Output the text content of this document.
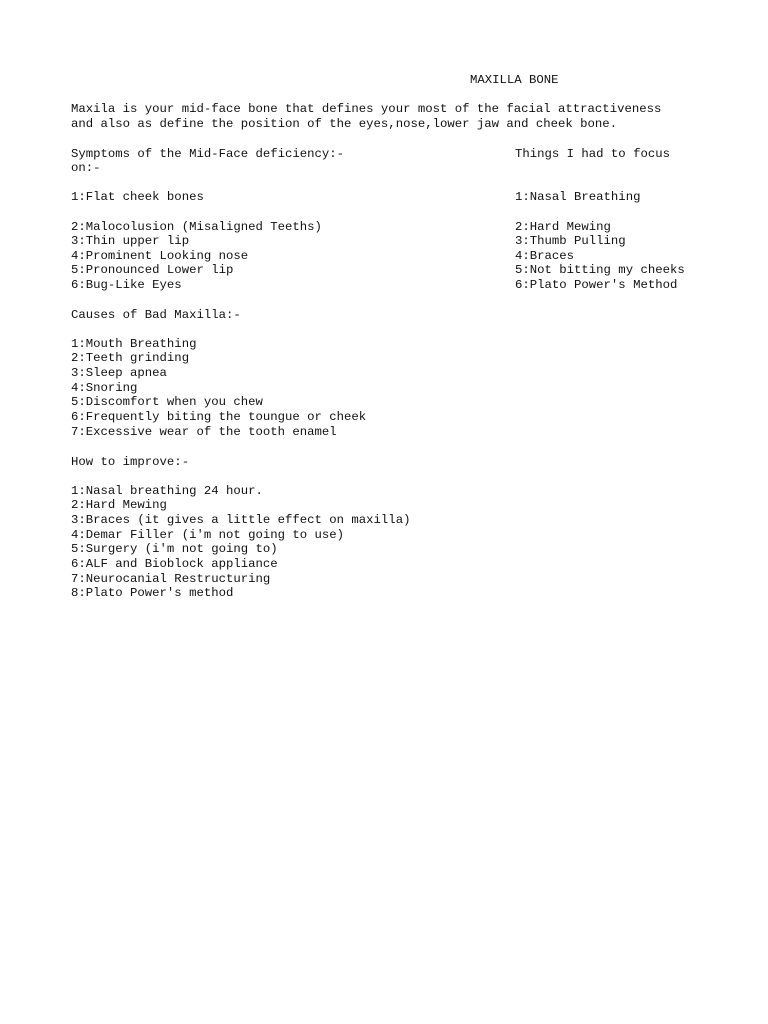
MAXILLA BONE
Maxila is your mid-face bone that defines your most of the facial attractiveness
and also as define the position of the eyes,nose,lower jaw and cheek bone.
Symptoms of the Mid-Face deficiency:-	Things I had to focus
on:-
1:Flat cheek bones	1:Nasal Breathing
2:Malocolusion (Misaligned Teeths)	2:Hard Mewing
3:Thin upper lip	3:Thumb Pulling
4:Prominent Looking nose	4:Braces
5:Pronounced Lower lip	5:Not bitting my cheeks
6:Bug-Like Eyes	6:Plato Power's Method
Causes of Bad Maxilla:-
1:Mouth Breathing
2:Teeth grinding
3:Sleep apnea
4:Snoring
5:Discomfort when you chew
6:Frequently biting the toungue or cheek
7:Excessive wear of the tooth enamel
How to improve:-
1:Nasal breathing 24 hour.
2:Hard Mewing
3:Braces (it gives a little effect on maxilla)
4:Demar Filler (i'm not going to use)
5:Surgery (i'm not going to)
6:ALF and Bioblock appliance
7:Neurocanial Restructuring
8:Plato Power's method
